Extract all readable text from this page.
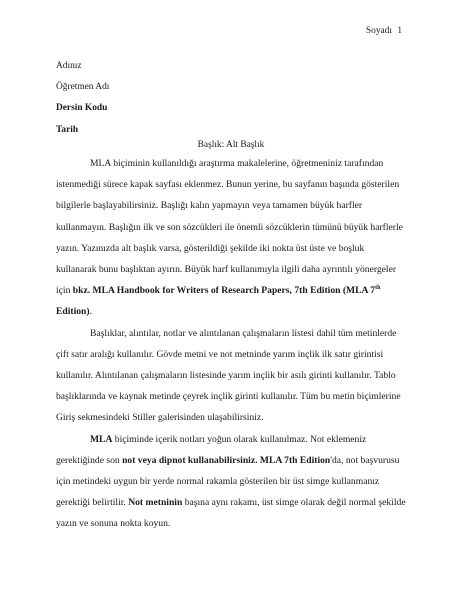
Soyadı 1
Adınız
Öğretmen Adı
Dersin Kodu
Tarih
Başlık: Alt Başlık

MLA biçiminin kullanıldığı araştırma makalelerine, öğretmeniniz tarafından istenmediği sürece kapak sayfası eklenmez. Bunun yerine, bu sayfanın başında gösterilen bilgilerle başlayabilirsiniz. Başlığı kalın yapmayın veya tamamen büyük harfler kullanmayın. Başlığın ilk ve son sözcükleri ile önemli sözcüklerin tümünü büyük harflerle yazın. Yazınızda alt başlık varsa, gösterildiği şekilde iki nokta üst üste ve boşluk kullanarak bunu başlıktan ayırın. Büyük harf kullanımıyla ilgili daha ayrıntılı yönergeler için bkz. MLA Handbook for Writers of Research Papers, 7th Edition (MLA 7th Edition).

Başlıklar, alıntılar, notlar ve alıntılanan çalışmaların listesi dahil tüm metinlerde çift satır aralığı kullanılır. Gövde metni ve not metninde yarım inçlik ilk satır girintisi kullanılır. Alıntılanan çalışmaların listesinde yarım inçlik bir asılı girinti kullanılır. Tablo başlıklarında ve kaynak metinde çeyrek inçlik girinti kullanılır. Tüm bu metin biçimlerine Giriş sekmesindeki Stiller galerisinden ulaşabilirsiniz.

MLA biçiminde içerik notları yoğun olarak kullanılmaz. Not eklemeniz gerektiğinde son not veya dipnot kullanabilirsiniz. MLA 7th Edition'da, not başvurusu için metindeki uygun bir yerde normal rakamla gösterilen bir üst simge kullanmanız gerektiği belirtilir. Not metninin başına aynı rakamı, üst simge olarak değil normal şekilde yazın ve sonuna nokta koyun.
